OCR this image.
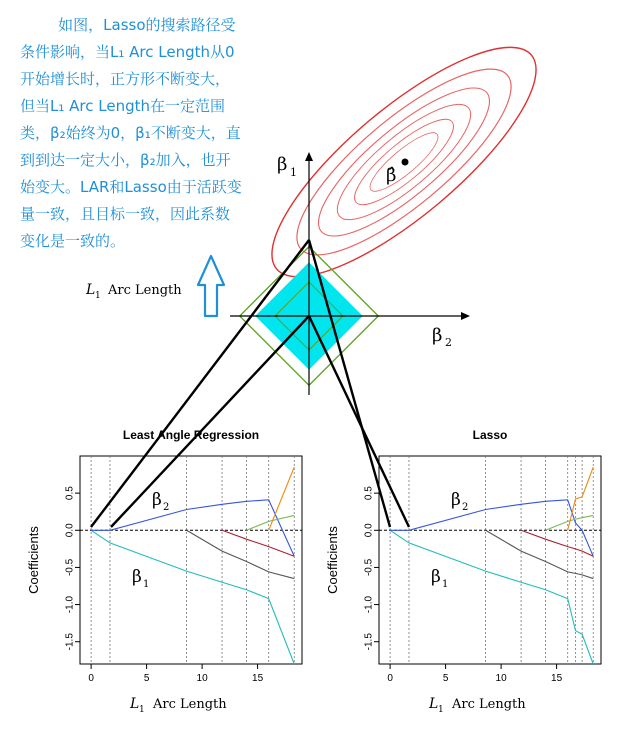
如图，Lasso的搜索路径受条件影响，当L₁ Arc Length从0开始增长时，正方形不断变大，但当L₁ Arc Length在一定范围类，β₂始终为0，β₁不断变大，直到到达一定大小，β₂加入，也开始变大。LAR和Lasso由于活跃变量一致，且目标一致，因此系数变化是一致的。
β̂
β 1
β 2
L 1 Arc Length
Least Angle Regression
0	5	10	15
-1.5
-1.0
-0.5
0.0
0.5
Coefficients
L 1 Arc Length
β 2
β 1
Lasso
0	5	10	15
-1.5
-1.0
-0.5
0.0
0.5
Coefficients
L 1 Arc Length
β 2
β 1
